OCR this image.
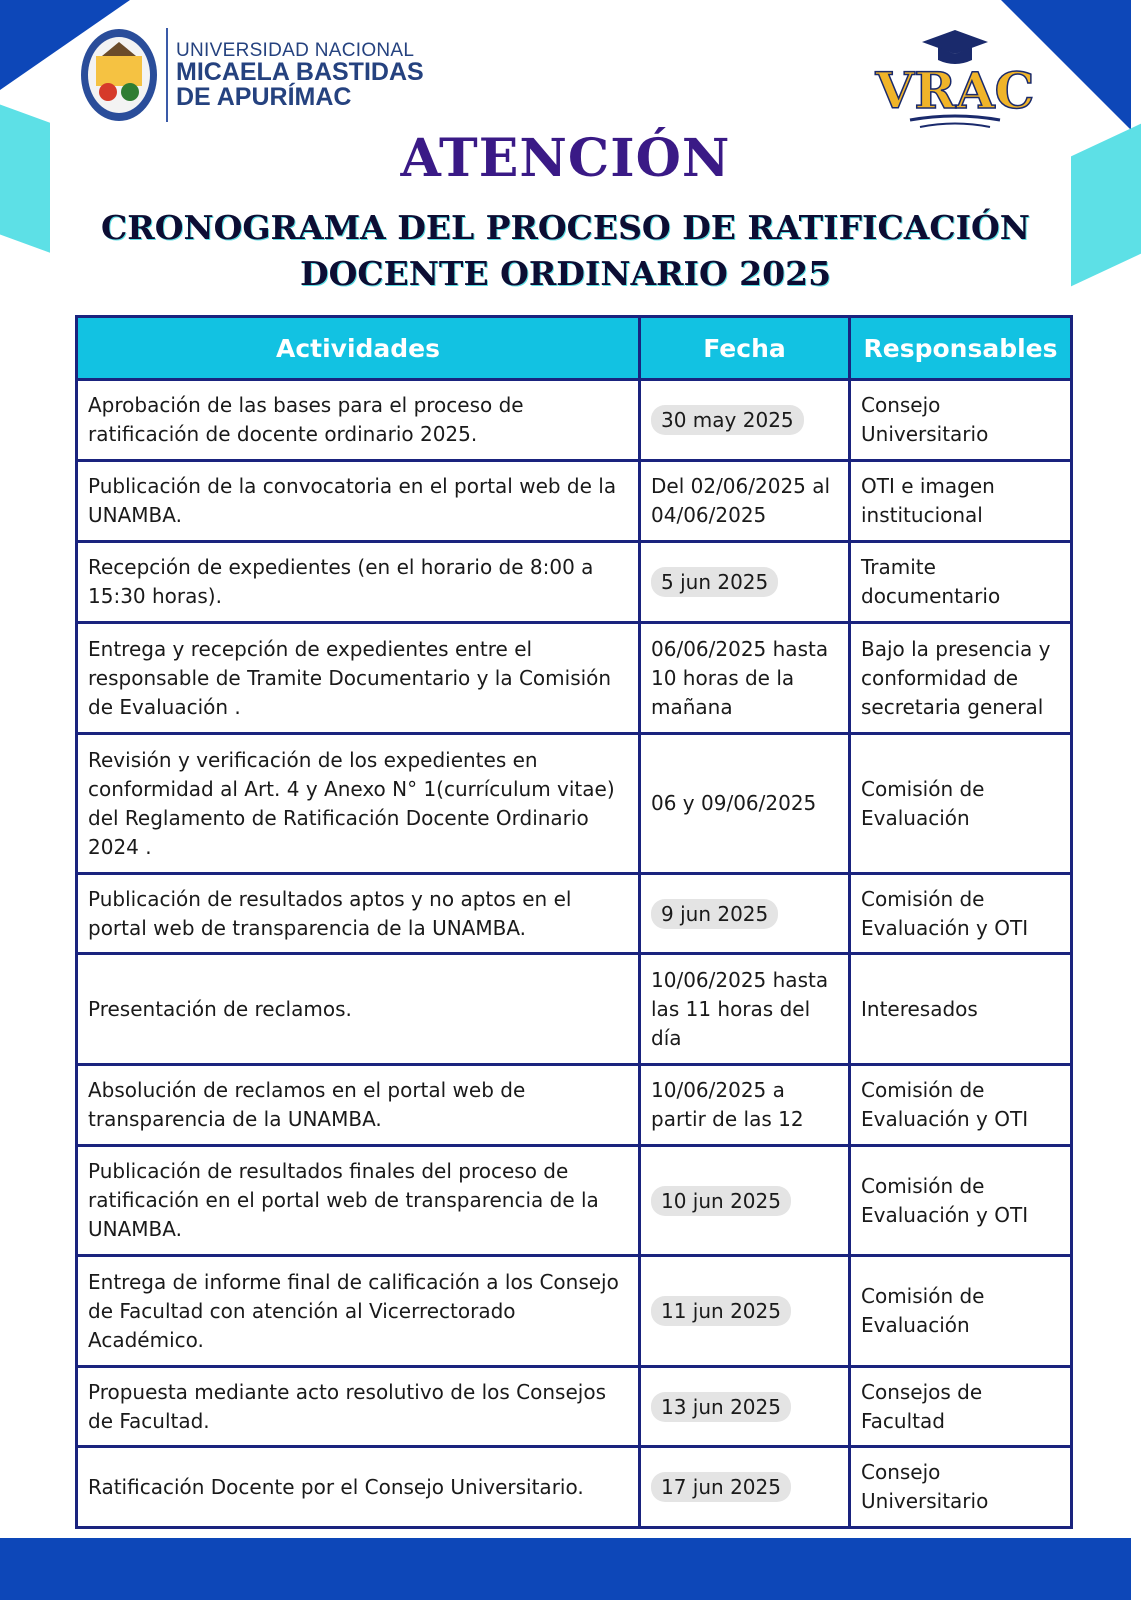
UNIVERSIDAD NACIONAL
MICAELA BASTIDAS
DE APURÍMAC	VRAC
ATENCIÓN
CRONOGRAMA DEL PROCESO DE RATIFICACIÓN
DOCENTE ORDINARIO 2025
Actividades	Fecha	Responsables
Aprobación de las bases para el proceso de ratificación de docente ordinario 2025.	30 may 2025	Consejo Universitario
Publicación de la convocatoria en el portal web de la UNAMBA.	Del 02/06/2025 al 04/06/2025	OTI e imagen institucional
Recepción de expedientes (en el horario de 8:00 a 15:30 horas).	5 jun 2025	Tramite documentario
Entrega y recepción de expedientes entre el responsable de Tramite Documentario y la Comisión de Evaluación .	06/06/2025 hasta 10 horas de la mañana	Bajo la presencia y conformidad de secretaria general
Revisión y verificación de los expedientes en conformidad al Art. 4 y Anexo N° 1(currículum vitae) del Reglamento de Ratificación Docente Ordinario 2024 .	06 y 09/06/2025	Comisión de Evaluación
Publicación de resultados aptos y no aptos en el portal web de transparencia de la UNAMBA.	9 jun 2025	Comisión de Evaluación y OTI
Presentación de reclamos.	10/06/2025 hasta las 11 horas del día	Interesados
Absolución de reclamos en el portal web de transparencia de la UNAMBA.	10/06/2025 a partir de las 12	Comisión de Evaluación y OTI
Publicación de resultados finales del proceso de ratificación en el portal web de transparencia de la UNAMBA.	10 jun 2025	Comisión de Evaluación y OTI
Entrega de informe final de calificación a los Consejo de Facultad con atención al Vicerrectorado Académico.	11 jun 2025	Comisión de Evaluación
Propuesta mediante acto resolutivo de los Consejos de Facultad.	13 jun 2025	Consejos de Facultad
Ratificación Docente por el Consejo Universitario.	17 jun 2025	Consejo Universitario
